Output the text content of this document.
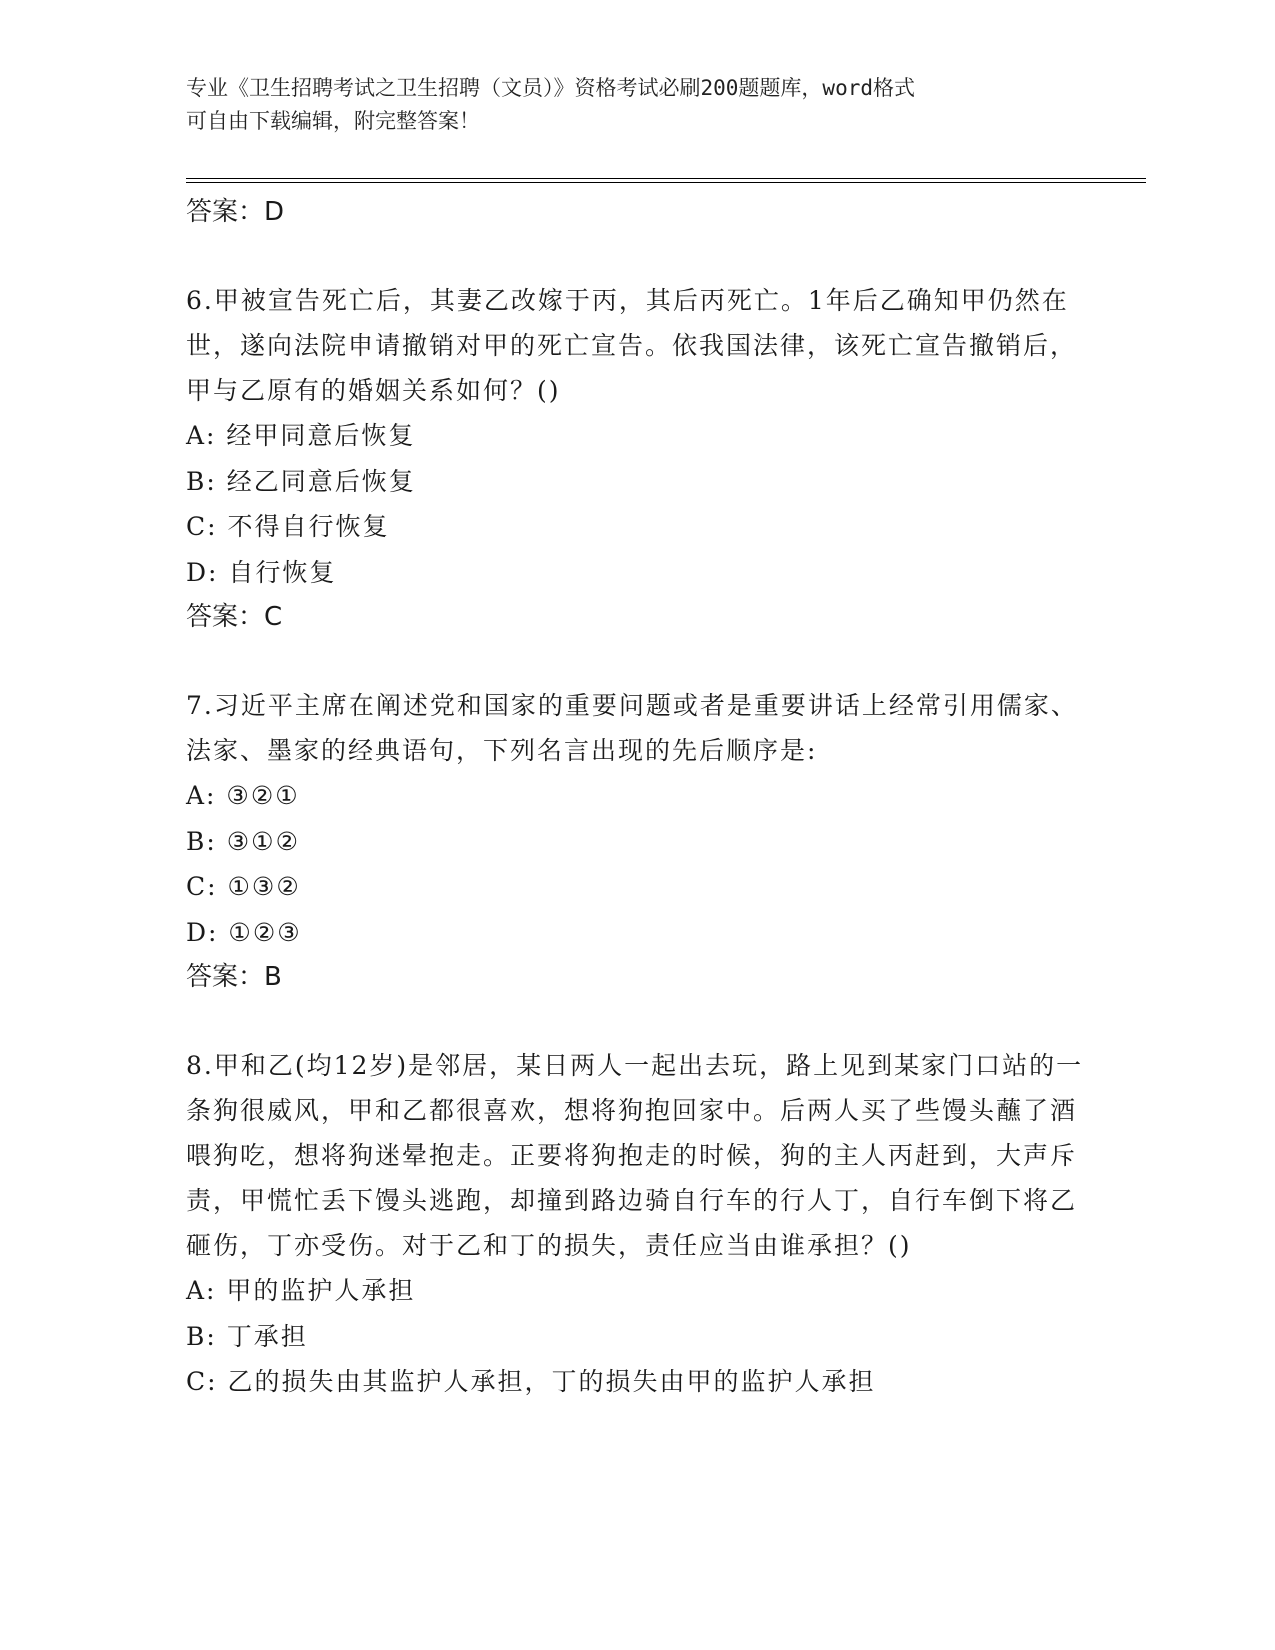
专业《卫生招聘考试之卫生招聘（文员）》资格考试必刷200题题库，word格式
可自由下载编辑，附完整答案！
答案：D
6.甲被宣告死亡后，其妻乙改嫁于丙，其后丙死亡。1年后乙确知甲仍然在世，遂向法院申请撤销对甲的死亡宣告。依我国法律，该死亡宣告撤销后，甲与乙原有的婚姻关系如何？()
A: 经甲同意后恢复
B: 经乙同意后恢复
C: 不得自行恢复
D: 自行恢复
答案：C
7.习近平主席在阐述党和国家的重要问题或者是重要讲话上经常引用儒家、法家、墨家的经典语句，下列名言出现的先后顺序是:
A: ③②①
B: ③①②
C: ①③②
D: ①②③
答案：B
8.甲和乙(均12岁)是邻居，某日两人一起出去玩，路上见到某家门口站的一条狗很威风，甲和乙都很喜欢，想将狗抱回家中。后两人买了些馒头蘸了酒喂狗吃，想将狗迷晕抱走。正要将狗抱走的时候，狗的主人丙赶到，大声斥责，甲慌忙丢下馒头逃跑，却撞到路边骑自行车的行人丁，自行车倒下将乙砸伤，丁亦受伤。对于乙和丁的损失，责任应当由谁承担？()
A: 甲的监护人承担
B: 丁承担
C: 乙的损失由其监护人承担，丁的损失由甲的监护人承担
